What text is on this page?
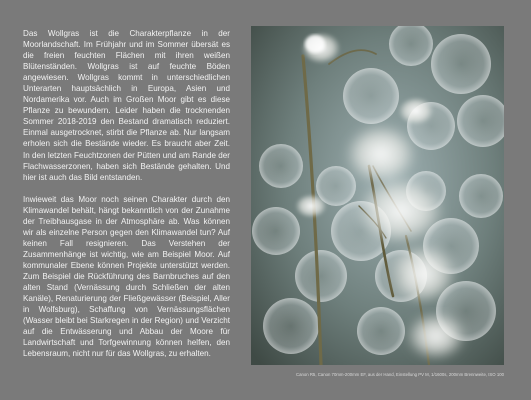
Das Wollgras ist die Charakterpflanze in der Moorlandschaft. Im Frühjahr und im Sommer übersät es die freien feuchten Flächen mit ihren weißen Blütenständen. Wollgras ist auf feuchte Böden angewiesen. Wollgras kommt in unterschiedlichen Unterarten hauptsächlich in Europa, Asien und Nordamerika vor. Auch im Großen Moor gibt es diese Pflanze zu bewundern. Leider haben die trocknenden Sommer 2018-2019 den Bestand dramatisch reduziert. Einmal ausgetrocknet, stirbt die Pflanze ab. Nur langsam erholen sich die Bestände wieder. Es braucht aber Zeit. In den letzten Feuchtzonen der Pütten und am Rande der Flachwasserzonen, haben sich Bestände gehalten. Und hier ist auch das Bild entstanden.

Inwieweit das Moor noch seinen Charakter durch den Klimawandel behält, hängt bekanntlich von der Zunahme der Treibhausgase in der Atmosphäre ab. Was können wir als einzelne Person gegen den Klimawandel tun? Auf keinen Fall resignieren. Das Verstehen der Zusammenhänge ist wichtig, wie am Beispiel Moor. Auf kommunaler Ebene können Projekte unterstützt werden. Zum Beispiel die Rückführung des Barnbruches auf den alten Stand (Vernässung durch Schließen der alten Kanäle), Renaturierung der Fließgewässer (Beispiel, Aller in Wolfsburg), Schaffung von Vernässungsflächen (Wasser bleibt bei Starkregen in der Region) und Verzicht auf die Entwässerung und Abbau der Moore für Landwirtschaft und Torfgewinnung können helfen, den Lebensraum, nicht nur für das Wollgras, zu erhalten.

Canon R5, Canon 70mm-200mm EF, aus der Hand, Einstellung PV M, 1/1600s, 200mm Brennweite, ISO 100
